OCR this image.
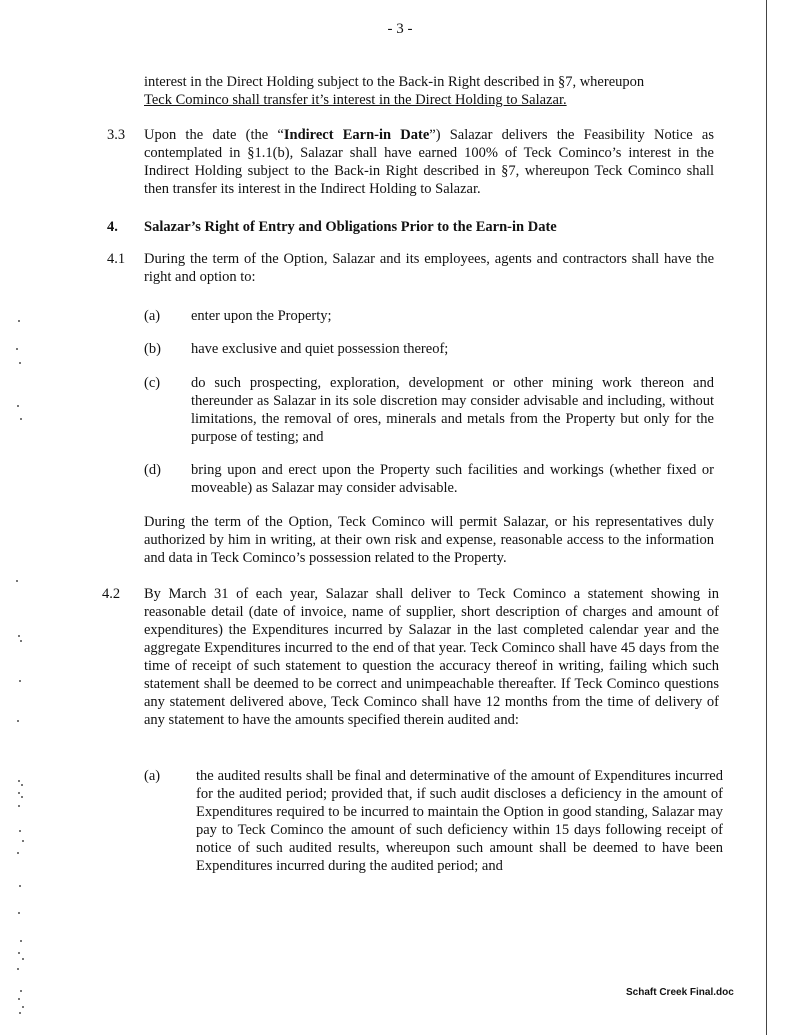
- 3 -
interest in the Direct Holding subject to the Back-in Right described in §7, whereupon
Teck Cominco shall transfer it’s interest in the Direct Holding to Salazar.
3.3 Upon the date (the “Indirect Earn-in Date”) Salazar delivers the Feasibility Notice as contemplated in §1.1(b), Salazar shall have earned 100% of Teck Cominco’s interest in the Indirect Holding subject to the Back-in Right described in §7, whereupon Teck Cominco shall then transfer its interest in the Indirect Holding to Salazar.
4. Salazar’s Right of Entry and Obligations Prior to the Earn-in Date
4.1 During the term of the Option, Salazar and its employees, agents and contractors shall have the right and option to:
(a) enter upon the Property;
(b) have exclusive and quiet possession thereof;
(c) do such prospecting, exploration, development or other mining work thereon and thereunder as Salazar in its sole discretion may consider advisable and including, without limitations, the removal of ores, minerals and metals from the Property but only for the purpose of testing; and
(d) bring upon and erect upon the Property such facilities and workings (whether fixed or moveable) as Salazar may consider advisable.
During the term of the Option, Teck Cominco will permit Salazar, or his representatives duly authorized by him in writing, at their own risk and expense, reasonable access to the information and data in Teck Cominco’s possession related to the Property.
4.2 By March 31 of each year, Salazar shall deliver to Teck Cominco a statement showing in reasonable detail (date of invoice, name of supplier, short description of charges and amount of expenditures) the Expenditures incurred by Salazar in the last completed calendar year and the aggregate Expenditures incurred to the end of that year. Teck Cominco shall have 45 days from the time of receipt of such statement to question the accuracy thereof in writing, failing which such statement shall be deemed to be correct and unimpeachable thereafter. If Teck Cominco questions any statement delivered above, Teck Cominco shall have 12 months from the time of delivery of any statement to have the amounts specified therein audited and:
(a) the audited results shall be final and determinative of the amount of Expenditures incurred for the audited period; provided that, if such audit discloses a deficiency in the amount of Expenditures required to be incurred to maintain the Option in good standing, Salazar may pay to Teck Cominco the amount of such deficiency within 15 days following receipt of notice of such audited results, whereupon such amount shall be deemed to have been Expenditures incurred during the audited period; and
Schaft Creek Final.doc
